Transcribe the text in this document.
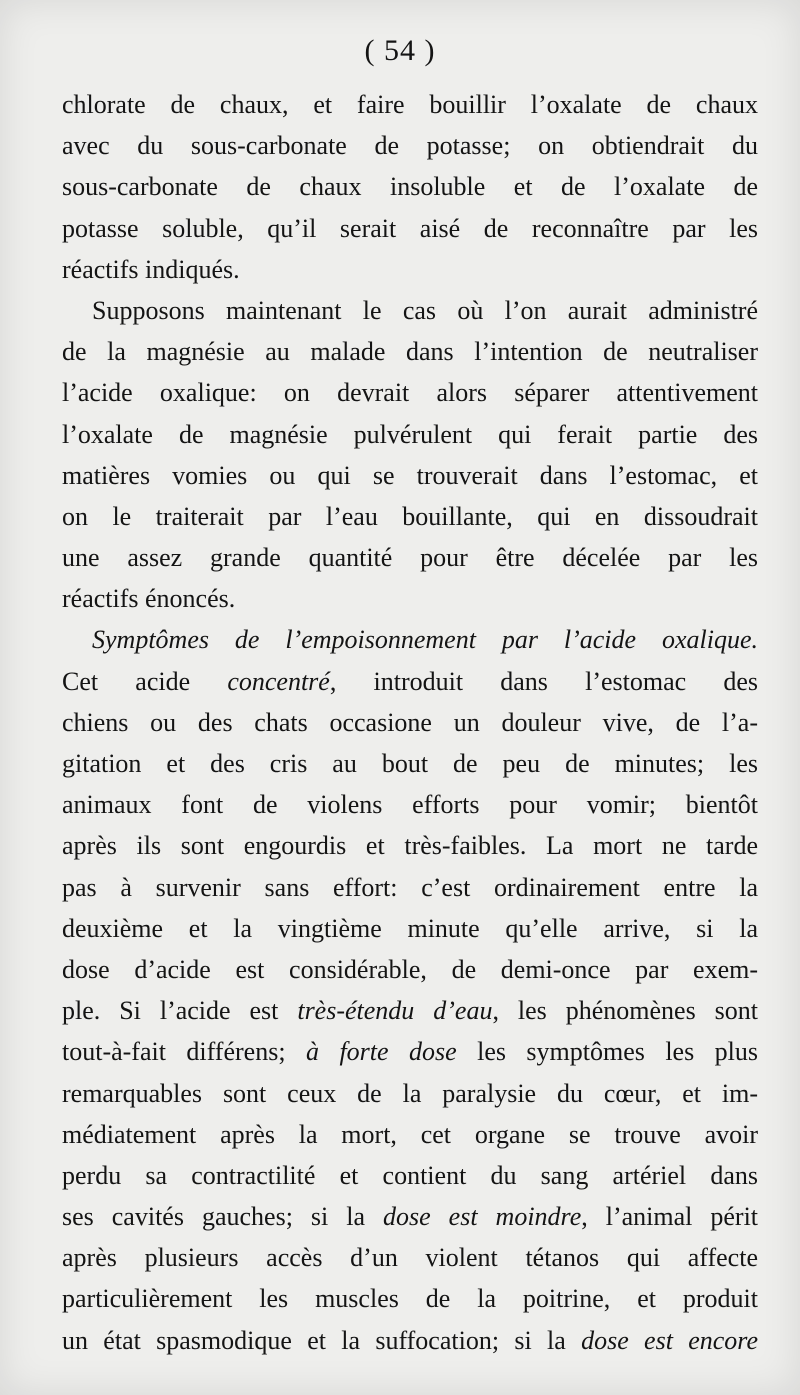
( 54 )
chlorate de chaux, et faire bouillir l’oxalate de chaux
avec du sous-carbonate de potasse; on obtiendrait du
sous-carbonate de chaux insoluble et de l’oxalate de
potasse soluble, qu’il serait aisé de reconnaître par les
réactifs indiqués.
Supposons maintenant le cas où l’on aurait administré
de la magnésie au malade dans l’intention de neutraliser
l’acide oxalique: on devrait alors séparer attentivement
l’oxalate de magnésie pulvérulent qui ferait partie des
matières vomies ou qui se trouverait dans l’estomac, et
on le traiterait par l’eau bouillante, qui en dissoudrait
une assez grande quantité pour être décelée par les
réactifs énoncés.
Symptômes de l’empoisonnement par l’acide oxalique.
Cet acide concentré, introduit dans l’estomac des
chiens ou des chats occasione un douleur vive, de l’a-
gitation et des cris au bout de peu de minutes; les
animaux font de violens efforts pour vomir; bientôt
après ils sont engourdis et très-faibles. La mort ne tarde
pas à survenir sans effort: c’est ordinairement entre la
deuxième et la vingtième minute qu’elle arrive, si la
dose d’acide est considérable, de demi-once par exem-
ple. Si l’acide est très-étendu d’eau, les phénomènes sont
tout-à-fait différens; à forte dose les symptômes les plus
remarquables sont ceux de la paralysie du cœur, et im-
médiatement après la mort, cet organe se trouve avoir
perdu sa contractilité et contient du sang artériel dans
ses cavités gauches; si la dose est moindre, l’animal périt
après plusieurs accès d’un violent tétanos qui affecte
particulièrement les muscles de la poitrine, et produit
un état spasmodique et la suffocation; si la dose est encore
